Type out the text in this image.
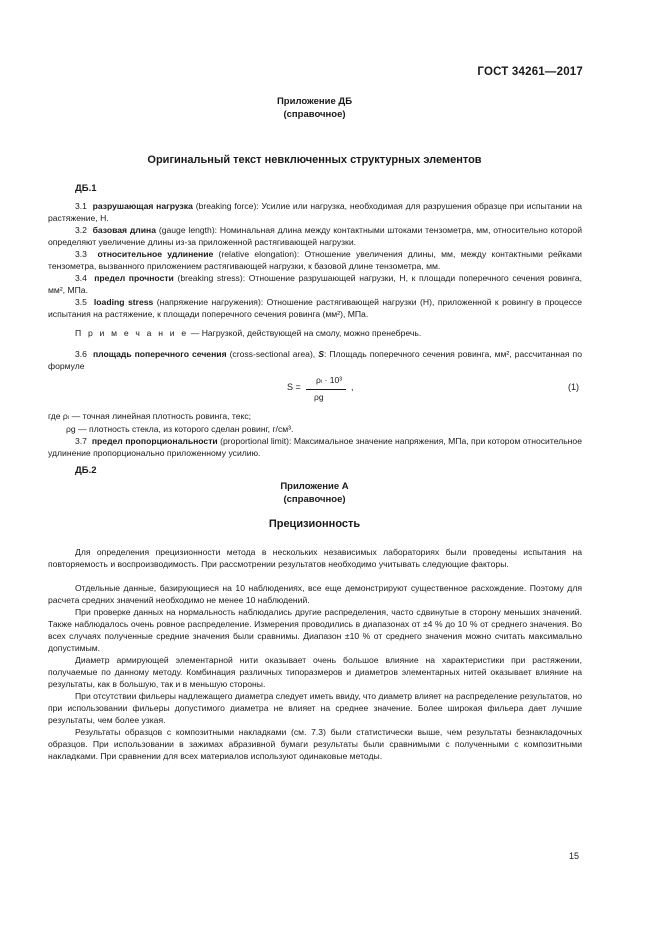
ГОСТ 34261—2017
Приложение ДБ
(справочное)
Оригинальный текст невключенных структурных элементов
ДБ.1
3.1 разрушающая нагрузка (breaking force): Усилие или нагрузка, необходимая для разрушения образце при испытании на растяжение, Н.
3.2 базовая длина (gauge length): Номинальная длина между контактными штоками тензометра, мм, относительно которой определяют увеличение длины из-за приложенной растягивающей нагрузки.
3.3 относительное удлинение (relative elongation): Отношение увеличения длины, мм, между контактными рейками тензометра, вызванного приложением растягивающей нагрузки, к базовой длине тензометра, мм.
3.4 предел прочности (breaking stress): Отношение разрушающей нагрузки, Н, к площади поперечного сечения ровинга, мм², МПа.
3.5 loading stress (напряжение нагружения): Отношение растягивающей нагрузки (Н), приложенной к ровингу в процессе испытания на растяжение, к площади поперечного сечения ровинга (мм²), МПа.
П р и м е ч а н и е — Нагрузкой, действующей на смолу, можно пренебречь.
3.6 площадь поперечного сечения (cross-sectional area), S: Площадь поперечного сечения ровинга, мм², рассчитанная по формуле
S =
ρₗ · 10³
ρg
,	(1)
где ρₗ — точная линейная плотность ровинга, текс;
ρg — плотность стекла, из которого сделан ровинг, г/см³.
3.7 предел пропорциональности (proportional limit): Максимальное значение напряжения, МПа, при котором относительное удлинение пропорционально приложенному усилию.
ДБ.2
Приложение А
(справочное)
Прецизионность
Для определения прецизионности метода в нескольких независимых лабораториях были проведены испытания на повторяемость и воспроизводимость. При рассмотрении результатов необходимо учитывать следующие факторы.
Отдельные данные, базирующиеся на 10 наблюдениях, все еще демонстрируют существенное расхождение. Поэтому для расчета средних значений необходимо не менее 10 наблюдений.
При проверке данных на нормальность наблюдались другие распределения, часто сдвинутые в сторону меньших значений. Также наблюдалось очень ровное распределение. Измерения проводились в диапазонах от ±4 % до 10 % от среднего значения. Во всех случаях полученные средние значения были сравнимы. Диапазон ±10 % от среднего значения можно считать максимально допустимым.
Диаметр армирующей элементарной нити оказывает очень большое влияние на характеристики при растяжении, получаемые по данному методу. Комбинация различных типоразмеров и диаметров элементарных нитей оказывает влияние на результаты, как в большую, так и в меньшую стороны.
При отсутствии фильеры надлежащего диаметра следует иметь ввиду, что диаметр влияет на распределение результатов, но при использовании фильеры допустимого диаметра не влияет на среднее значение. Более широкая фильера дает лучшие результаты, чем более узкая.
Результаты образцов с композитными накладками (см. 7.3) были статистически выше, чем результаты безнакладочных образцов. При использовании в зажимах абразивной бумаги результаты были сравнимыми с полученными с композитными накладками. При сравнении для всех материалов используют одинаковые методы.
15
